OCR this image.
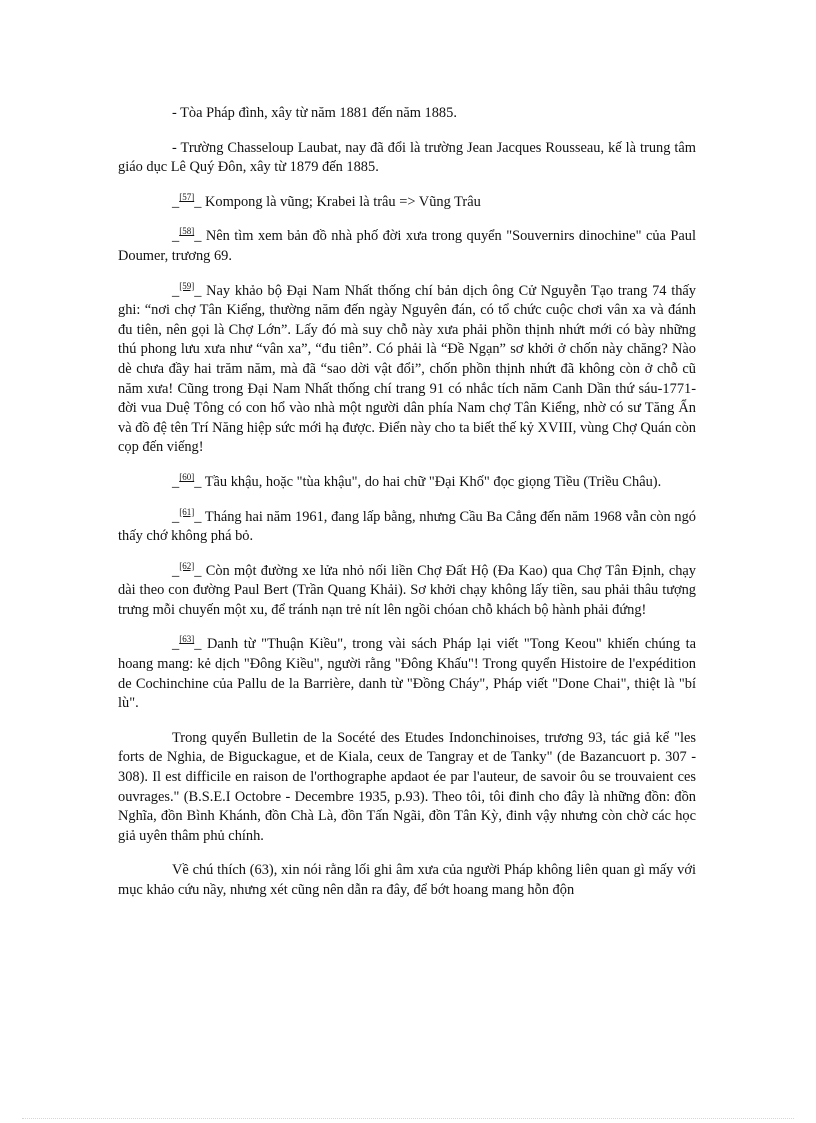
- Tòa Pháp đình, xây từ năm 1881 đến năm 1885.

- Trường Chasseloup Laubat, nay đã đổi là trường Jean Jacques Rousseau, kế là trung tâm giáo dục Lê Quý Đôn, xây từ 1879 đến 1885.

_[57]_ Kompong là vũng; Krabei là trâu => Vũng Trâu

_[58]_ Nên tìm xem bản đồ nhà phố đời xưa trong quyển "Souvernirs dinochine" của Paul Doumer, trương 69.

_[59]_ Nay khảo bộ Đại Nam Nhất thống chí bản dịch ông Cử Nguyễn Tạo trang 74 thấy ghi: “nơi chợ Tân Kiểng, thường năm đến ngày Nguyên đán, có tổ chức cuộc chơi vân xa và đánh đu tiên, nên gọi là Chợ Lớn”. Lấy đó mà suy chỗ này xưa phải phồn thịnh nhứt mới có bày những thú phong lưu xưa như “vân xa”, “đu tiên”. Có phải là “Đề Ngạn” sơ khởi ở chốn này chăng? Nào dè chưa đầy hai trăm năm, mà đã “sao dời vật đổi”, chốn phồn thịnh nhứt đã không còn ở chỗ cũ năm xưa! Cũng trong Đại Nam Nhất thống chí trang 91 có nhắc tích năm Canh Dần thứ sáu-1771-đời vua Duệ Tông có con hổ vào nhà một người dân phía Nam chợ Tân Kiểng, nhờ có sư Tăng Ẩn và đồ đệ tên Trí Năng hiệp sức mới hạ được. Điển này cho ta biết thế kỷ XVIII, vùng Chợ Quán còn cọp đến viếng!

_[60]_ Tầu khậu, hoặc "tùa khậu", do hai chữ "Đại Khố" đọc giọng Tiều (Triều Châu).

_[61]_ Tháng hai năm 1961, đang lấp bằng, nhưng Cầu Ba Cẳng đến năm 1968 vẫn còn ngó thấy chớ không phá bỏ.

_[62]_ Còn một đường xe lửa nhỏ nối liền Chợ Đất Hộ (Đa Kao) qua Chợ Tân Định, chạy dài theo con đường Paul Bert (Trần Quang Khải). Sơ khởi chạy không lấy tiền, sau phải thâu tượng trưng mỗi chuyến một xu, để tránh nạn trẻ nít lên ngồi chóan chỗ khách bộ hành phải đứng!

_[63]_ Danh từ "Thuận Kiều", trong vài sách Pháp lại viết "Tong Keou" khiến chúng ta hoang mang: kẻ dịch "Đông Kiều", người rằng "Đông Khấu"! Trong quyển Histoire de l'expédition de Cochinchine của Pallu de la Barrière, danh từ "Đồng Cháy", Pháp viết "Done Chai", thiệt là "bí lù".

Trong quyển Bulletin de la Socété des Etudes Indonchinoises, trương 93, tác giả kể "les forts de Nghia, de Biguckague, et de Kiala, ceux de Tangray et de Tanky" (de Bazancuort p. 307 - 308). Il est difficile en raison de l'orthographe apdaot ée par l'auteur, de savoir ôu se trouvaient ces ouvrages." (B.S.E.I Octobre - Decembre 1935, p.93). Theo tôi, tôi đinh cho đây là những đồn: đồn Nghĩa, đồn Bình Khánh, đồn Chà Là, đồn Tấn Ngãi, đồn Tân Kỳ, đinh vậy nhưng còn chờ các học giả uyên thâm phủ chính.

Về chú thích (63), xin nói rằng lối ghi âm xưa của người Pháp không liên quan gì mấy với mục khảo cứu nầy, nhưng xét cũng nên dẫn ra đây, để bớt hoang mang hỗn độn
